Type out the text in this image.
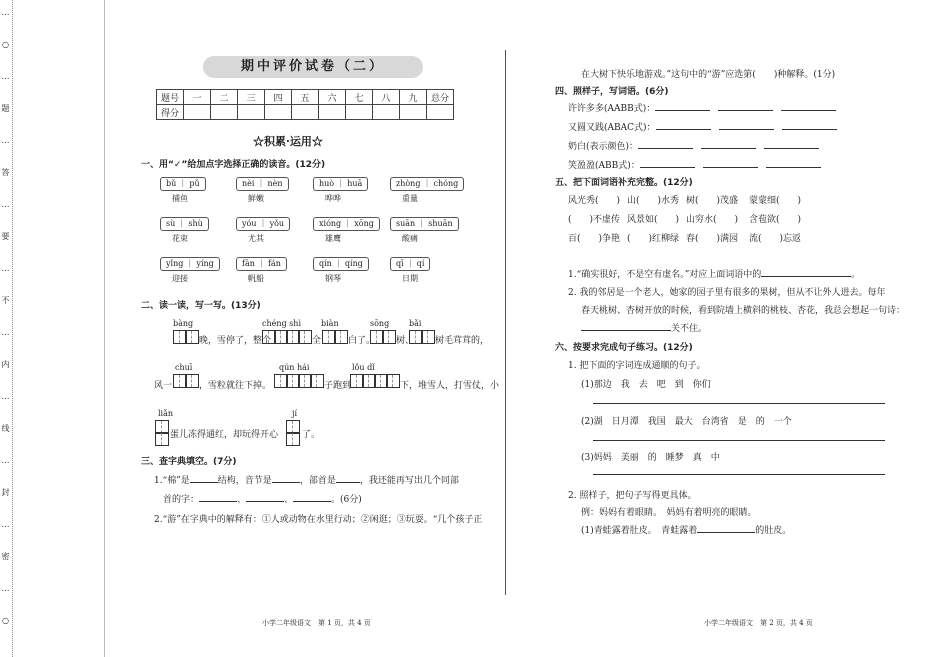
…
○
…
题
…
答
…
要
…
不
…
内
…
线
…
封
…
密
…
○
期中评价试卷（二）
题号	一	二	三	四	五	六	七	八	九	总分
得分										
☆积累·运用☆
一、用“✓”给加点字选择正确的读音。(12分)
bǔ ｜ pǔ
捕鱼
nèi ｜ nèn
鲜嫩
huò ｜ huā
哗哗
zhòng ｜ chóng
重量
sù ｜ shù
花束
yóu ｜ yǒu
尤其
xióng ｜ xōng
雄鹰
suān ｜ shuān
酸痛
yǐng ｜ yíng
迎接
fān ｜ fán
帆船
qín ｜ qíng
钢琴
qī ｜ qí
日期
二、读一读，写一写。(13分)
bàng	chéng shì	biàn	sōng bǎi
晚，雪停了，整个	全	白了。 树、 树毛茸茸的，
chuī	qún hái	lǒu dǐ
风一	，雪粒就往下掉。	子跑到	下，堆雪人，打雪仗，小
liǎn	jí
蛋儿冻得通红，却玩得开心	了。
三、查字典填空。(7分)
1.“棉”是	结构，音节是	，部首是	，我还能再写出几个同部
首的字：	、	、	。(6分)
2.“游”在字典中的解释有：①人或动物在水里行动；②闲逛；③玩耍。“几个孩子正
在大树下快乐地游戏。”这句中的“游”应选第(　　)种解释。(1分)
四、照样子，写词语。(6分)
许许多多(AABB式)：
又圆又践(ABAC式)：
奶白(表示颜色)：
笑盈盈(ABB式)：
五、把下面词语补充完整。(12分)
风光秀(　　) 山(　　)水秀 树(　　)茂盛 蒙蒙细(　　)
(　　)不虚传 风景如(　　) 山穷水(　　) 含苞欲(　　)
百(　　)争艳 (　　)红柳绿 春(　　)满园 流(　　)忘返
1.“确实很好，不是空有虚名。”对应上面词语中的	。
2. 我的邻居是一个老人，她家的园子里有很多的果树，但从不让外人进去。每年
春天桃树、杏树开放的时候，看到院墙上横斜的桃枝、杏花，我总会想起一句诗：
关不住。
六、按要求完成句子练习。(12分)
1. 把下面的字词连成通顺的句子。
(1)那边　我　去　吧　到　你们
(2)湖　日月潭　我国　最大　台湾省　是　的　一个
(3)妈妈　美丽　的　睡梦　真　中
2. 照样子，把句子写得更具体。
例：妈妈有着眼睛。　妈妈有着明亮的眼睛。
(1)青蛙露着肚皮。　青蛙露着	的肚皮。
小学二年级语文　第 1 页，共 4 页	小学二年级语文　第 2 页，共 4 页
